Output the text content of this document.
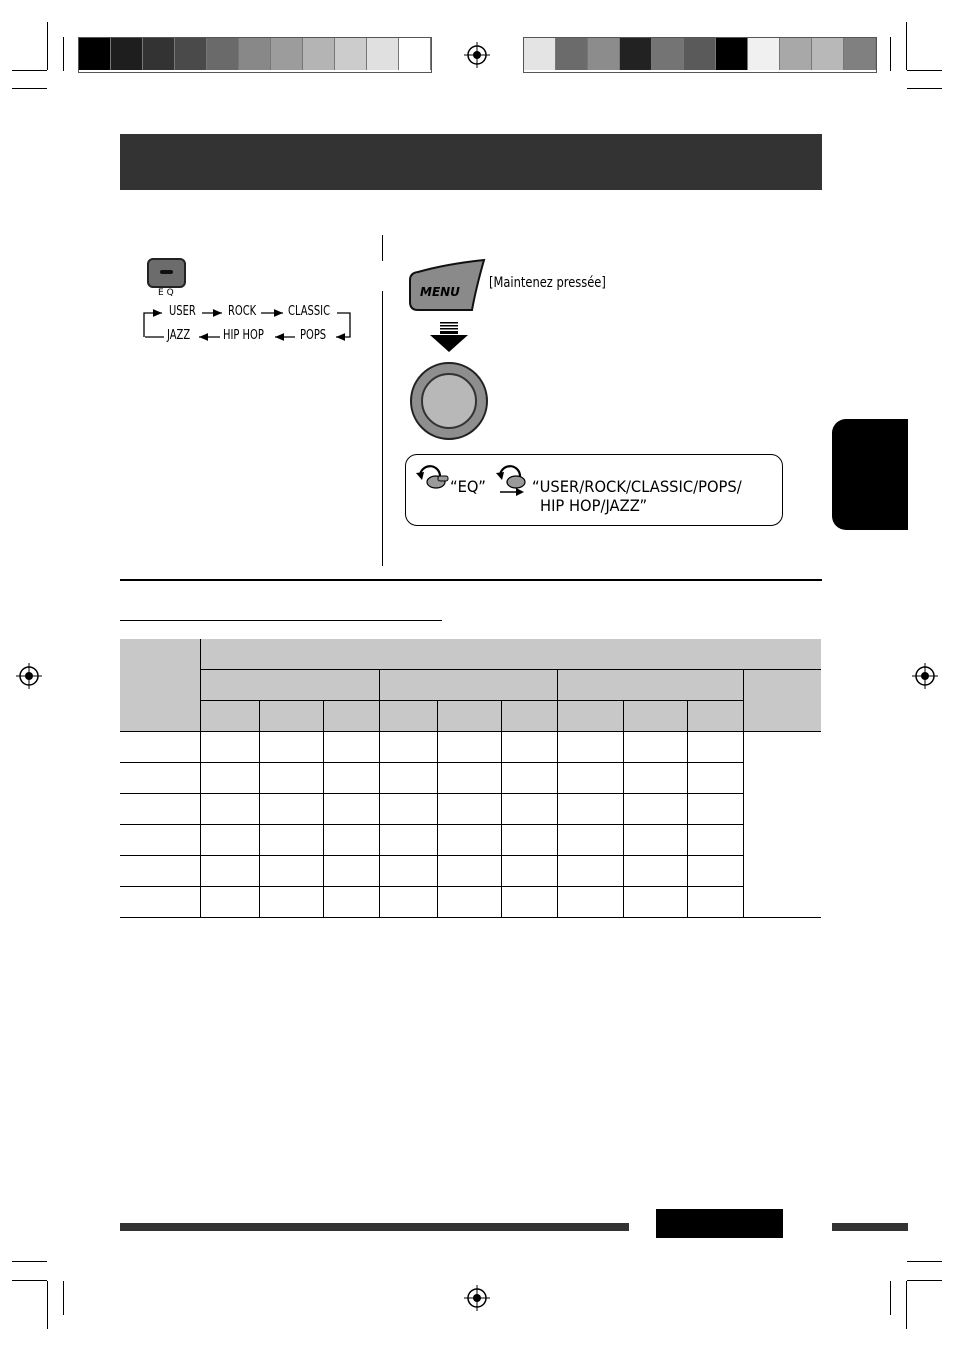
EQ
USER ROCK CLASSIC
JAZZ	HIP HOP	POPS
MENU
[Maintenez pressée]
“EQ”	“USER/ROCK/CLASSIC/POPS/
HIP HOP/JAZZ”
